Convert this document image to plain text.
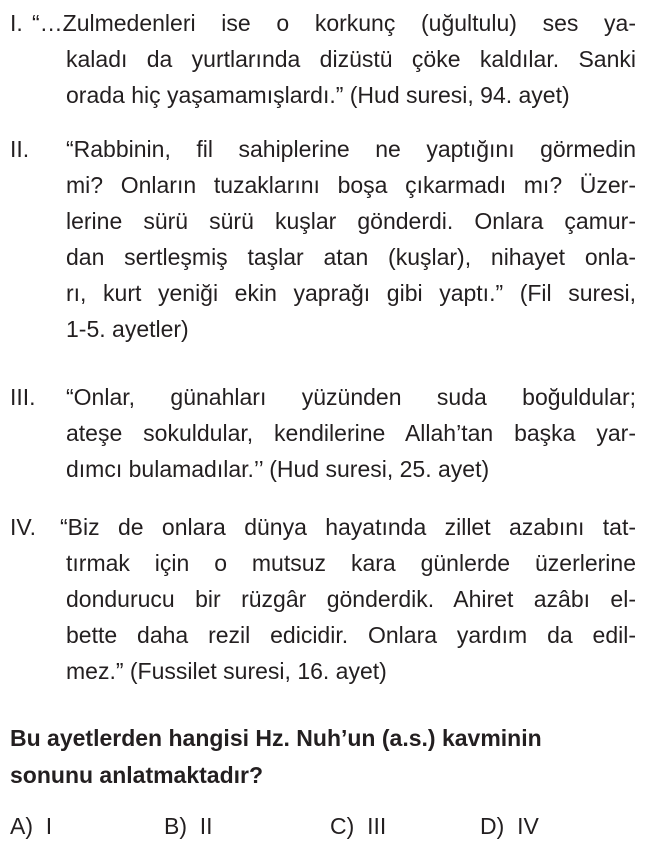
I. “…Zulmedenleri ise o korkunç (uğultulu) ses ya-
kaladı da yurtlarında dizüstü çöke kaldılar. Sanki
orada hiç yaşamamışlardı.” (Hud suresi, 94. ayet)
II. “Rabbinin, fil sahiplerine ne yaptığını görmedin
mi? Onların tuzaklarını boşa çıkarmadı mı? Üzer-
lerine sürü sürü kuşlar gönderdi. Onlara çamur-
dan sertleşmiş taşlar atan (kuşlar), nihayet onla-
rı, kurt yeniği ekin yaprağı gibi yaptı.” (Fil suresi,
1-5. ayetler)
III. “Onlar, günahları yüzünden suda boğuldular;
ateşe sokuldular, kendilerine Allah’tan başka yar-
dımcı bulamadılar.’’ (Hud suresi, 25. ayet)
IV. “Biz de onlara dünya hayatında zillet azabını tat-
tırmak için o mutsuz kara günlerde üzerlerine
dondurucu bir rüzgâr gönderdik. Ahiret azâbı el-
bette daha rezil edicidir. Onlara yardım da edil-
mez.” (Fussilet suresi, 16. ayet)
Bu ayetlerden hangisi Hz. Nuh’un (a.s.) kavminin
sonunu anlatmaktadır?
A) I	B) II	C) III	D) IV
